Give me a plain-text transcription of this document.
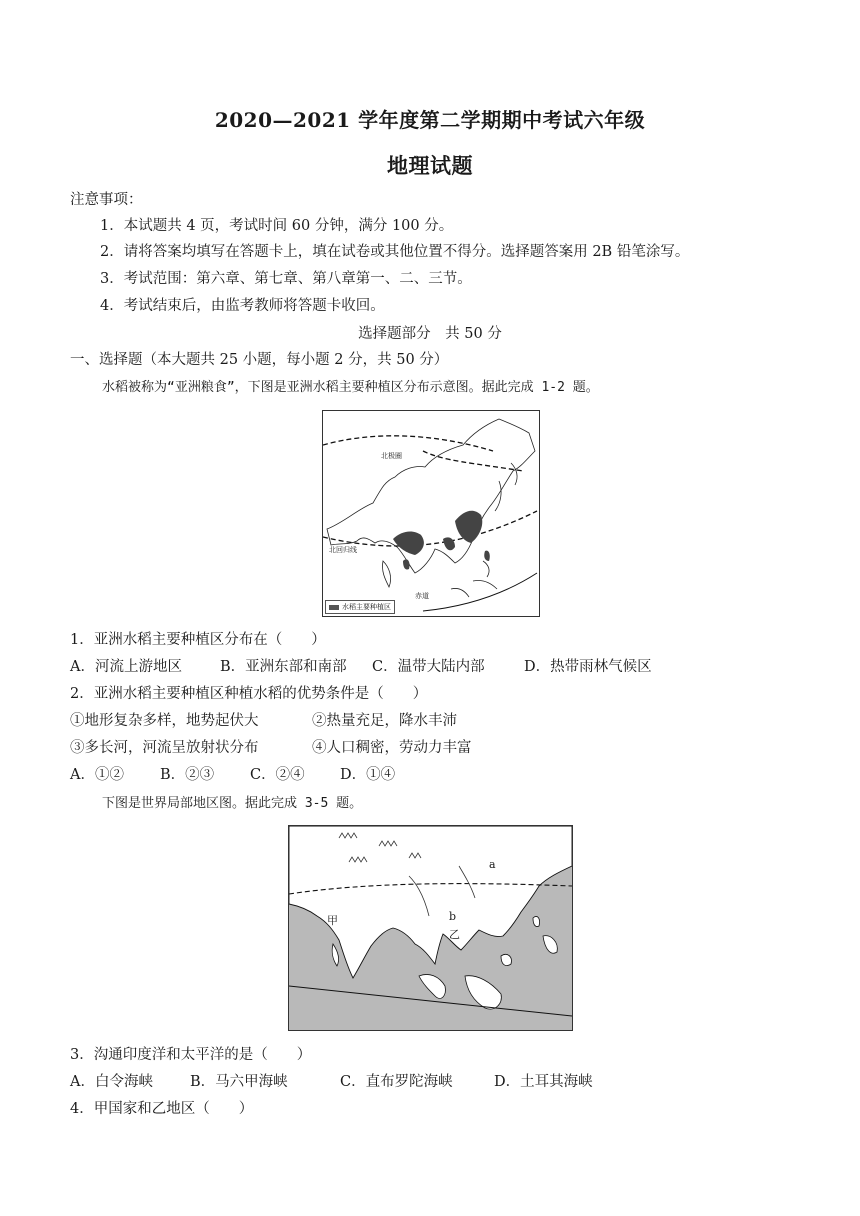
2020—2021 学年度第二学期期中考试六年级
地理试题
注意事项：
1．本试题共 4 页，考试时间 60 分钟，满分 100 分。
2．请将答案均填写在答题卡上，填在试卷或其他位置不得分。选择题答案用 2B 铅笔涂写。
3．考试范围：第六章、第七章、第八章第一、二、三节。
4．考试结束后，由监考教师将答题卡收回。
选择题部分　共 50 分
一、选择题（本大题共 25 小题，每小题 2 分，共 50 分）
水稻被称为“亚洲粮食”，下图是亚洲水稻主要种植区分布示意图。据此完成 1-2 题。
北极圈
北回归线
赤道
水稻主要种植区
1．亚洲水稻主要种植区分布在（　　）
A．河流上游地区	B．亚洲东部和南部 C．温带大陆内部	D．热带雨林气候区
2．亚洲水稻主要种植区种植水稻的优势条件是（　　）
①地形复杂多样，地势起伏大	②热量充足，降水丰沛
③多长河，河流呈放射状分布	④人口稠密，劳动力丰富
A．①② B．②③ C．②④ D．①④
下图是世界局部地区图。据此完成 3-5 题。
甲
乙
a
b
3．沟通印度洋和太平洋的是（　　）
A．白令海峡	B．马六甲海峡	C．直布罗陀海峡	D．土耳其海峡
4．甲国家和乙地区（　　）
